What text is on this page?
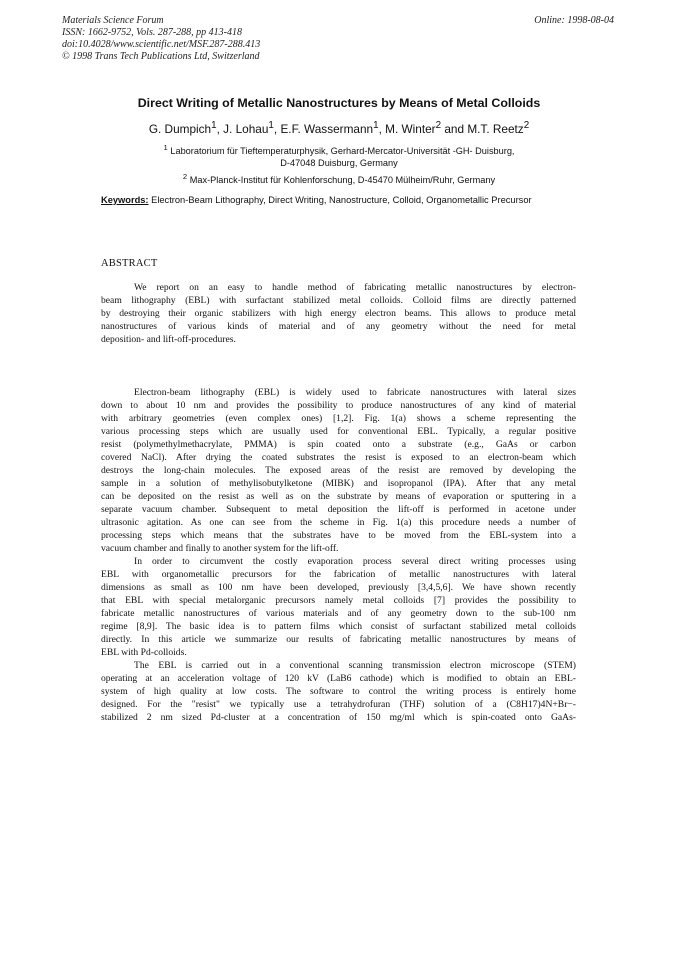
Materials Science Forum
ISSN: 1662-9752, Vols. 287-288, pp 413-418
doi:10.4028/www.scientific.net/MSF.287-288.413
© 1998 Trans Tech Publications Ltd, Switzerland
Online: 1998-08-04
Direct Writing of Metallic Nanostructures by Means of Metal Colloids
G. Dumpich$^1$, J. Lohau$^1$, E.F. Wassermann$^1$, M. Winter$^2$ and M.T. Reetz$^2$
$^1$ Laboratorium für Tieftemperaturphysik, Gerhard-Mercator-Universität -GH- Duisburg,
D-47048 Duisburg, Germany
$^2$ Max-Planck-Institut für Kohlenforschung, D-45470 Mülheim/Ruhr, Germany
Keywords: Electron-Beam Lithography, Direct Writing, Nanostructure, Colloid, Organometallic Precursor
ABSTRACT
We report on an easy to handle method of fabricating metallic nanostructures by electron-
beam lithography (EBL) with surfactant stabilized metal colloids. Colloid films are directly patterned
by destroying their organic stabilizers with high energy electron beams. This allows to produce metal
nanostructures of various kinds of material and of any geometry without the need for metal
deposition- and lift-off-procedures.
Electron-beam lithography (EBL) is widely used to fabricate nanostructures with lateral sizes
down to about 10 nm and provides the possibility to produce nanostructures of any kind of material
with arbitrary geometries (even complex ones) [1,2]. Fig. 1(a) shows a scheme representing the
various processing steps which are usually used for conventional EBL. Typically, a regular positive
resist (polymethylmethacrylate, PMMA) is spin coated onto a substrate (e.g., GaAs or carbon
covered NaCl). After drying the coated substrates the resist is exposed to an electron-beam which
destroys the long-chain molecules. The exposed areas of the resist are removed by developing the
sample in a solution of methylisobutylketone (MIBK) and isopropanol (IPA). After that any metal
can be deposited on the resist as well as on the substrate by means of evaporation or sputtering in a
separate vacuum chamber. Subsequent to metal deposition the lift-off is performed in acetone under
ultrasonic agitation. As one can see from the scheme in Fig. 1(a) this procedure needs a number of
processing steps which means that the substrates have to be moved from the EBL-system into a
vacuum chamber and finally to another system for the lift-off.
In order to circumvent the costly evaporation process several direct writing processes using
EBL with organometallic precursors for the fabrication of metallic nanostructures with lateral
dimensions as small as 100 nm have been developed, previously [3,4,5,6]. We have shown recently
that EBL with special metalorganic precursors namely metal colloids [7] provides the possibility to
fabricate metallic nanostructures of various materials and of any geometry down to the sub-100 nm
regime [8,9]. The basic idea is to pattern films which consist of surfactant stabilized metal colloids
directly. In this article we summarize our results of fabricating metallic nanostructures by means of
EBL with Pd-colloids.
The EBL is carried out in a conventional scanning transmission electron microscope (STEM)
operating at an acceleration voltage of 120 kV (LaB6 cathode) which is modified to obtain an EBL-
system of high quality at low costs. The software to control the writing process is entirely home
designed. For the "resist" we typically use a tetrahydrofuran (THF) solution of a (C8H17)4N+Br−-
stabilized 2 nm sized Pd-cluster at a concentration of 150 mg/ml which is spin-coated onto GaAs-
